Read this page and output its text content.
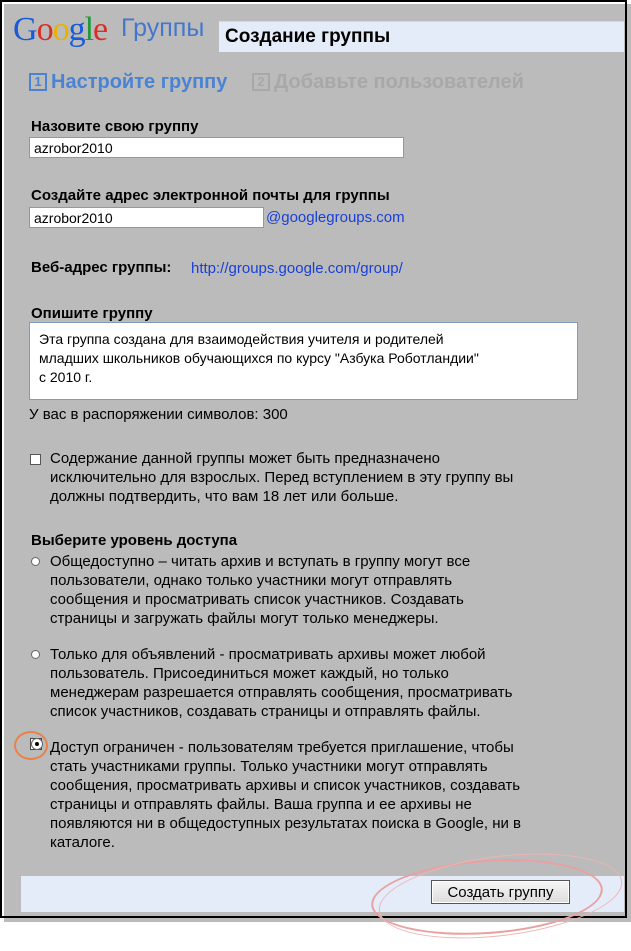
Google Группы Создание группы
1 Настройте группу	2 Добавьте пользователей
Назовите свою группу
azrobor2010
Создайте адрес электронной почты для группы
azrobor2010
@googlegroups.com
Веб-адрес группы: http://groups.google.com/group/
Опишите группу
Эта группа создана для взаимодействия учителя и родителей младших школьников обучающихся по курсу "Азбука Роботландии" с 2010 г.
У вас в распоряжении символов: 300
Содержание данной группы может быть предназначено
исключительно для взрослых. Перед вступлением в эту группу вы
должны подтвердить, что вам 18 лет или больше.
Выберите уровень доступа
Общедоступно – читать архив и вступать в группу могут все
пользователи, однако только участники могут отправлять
сообщения и просматривать список участников. Создавать
страницы и загружать файлы могут только менеджеры.
Только для объявлений - просматривать архивы может любой
пользователь. Присоединиться может каждый, но только
менеджерам разрешается отправлять сообщения, просматривать
список участников, создавать страницы и отправлять файлы.
Доступ ограничен - пользователям требуется приглашение, чтобы
стать участниками группы. Только участники могут отправлять
сообщения, просматривать архивы и список участников, создавать
страницы и отправлять файлы. Ваша группа и ее архивы не
появляются ни в общедоступных результатах поиска в Google, ни в
каталоге.
Создать группу
